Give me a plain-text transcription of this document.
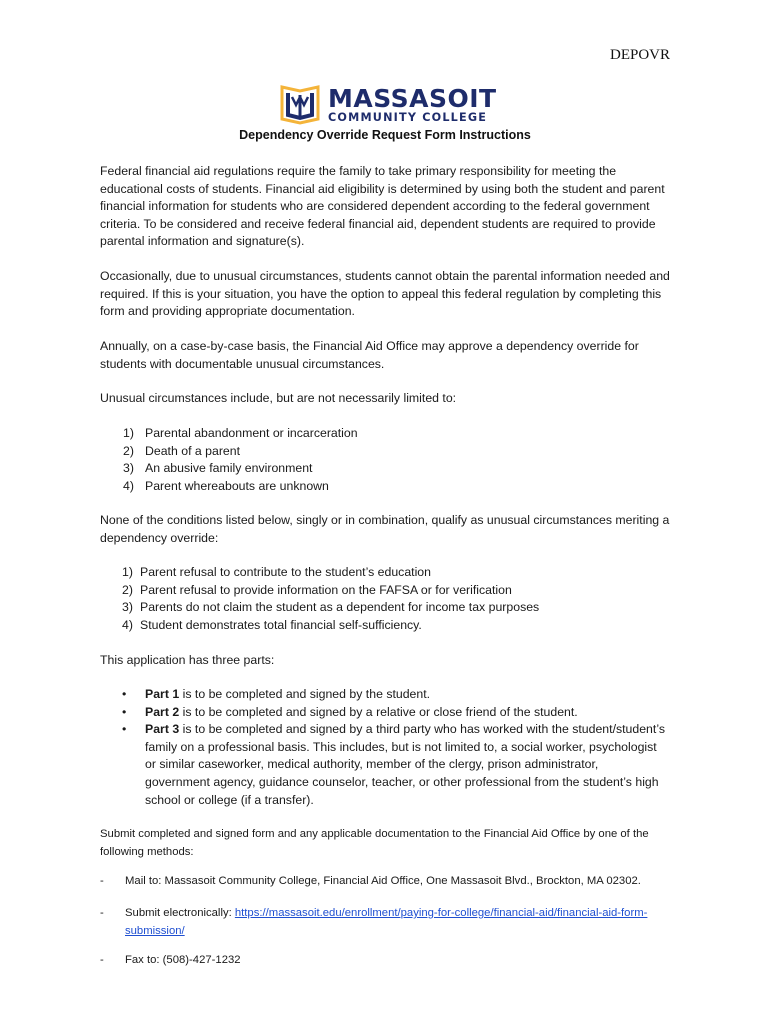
DEPOVR
MASSASOIT
COMMUNITY COLLEGE
Dependency Override Request Form Instructions

Federal financial aid regulations require the family to take primary responsibility for meeting the educational costs of students. Financial aid eligibility is determined by using both the student and parent financial information for students who are considered dependent according to the federal government criteria. To be considered and receive federal financial aid, dependent students are required to provide parental information and signature(s).

Occasionally, due to unusual circumstances, students cannot obtain the parental information needed and required. If this is your situation, you have the option to appeal this federal regulation by completing this form and providing appropriate documentation.

Annually, on a case-by-case basis, the Financial Aid Office may approve a dependency override for students with documentable unusual circumstances.

Unusual circumstances include, but are not necessarily limited to:

1) Parental abandonment or incarceration
2) Death of a parent
3) An abusive family environment
4) Parent whereabouts are unknown

None of the conditions listed below, singly or in combination, qualify as unusual circumstances meriting a dependency override:

1) Parent refusal to contribute to the student’s education
2) Parent refusal to provide information on the FAFSA or for verification
3) Parents do not claim the student as a dependent for income tax purposes
4) Student demonstrates total financial self-sufficiency.

This application has three parts:

• Part 1 is to be completed and signed by the student.
• Part 2 is to be completed and signed by a relative or close friend of the student.
• Part 3 is to be completed and signed by a third party who has worked with the student/student’s family on a professional basis. This includes, but is not limited to, a social worker, psychologist or similar caseworker, medical authority, member of the clergy, prison administrator, government agency, guidance counselor, teacher, or other professional from the student’s high school or college (if a transfer).

Submit completed and signed form and any applicable documentation to the Financial Aid Office by one of the following methods:

- Mail to: Massasoit Community College, Financial Aid Office, One Massasoit Blvd., Brockton, MA 02302.
- Submit electronically: https://massasoit.edu/enrollment/paying-for-college/financial-aid/financial-aid-form-submission/
- Fax to: (508)-427-1232
